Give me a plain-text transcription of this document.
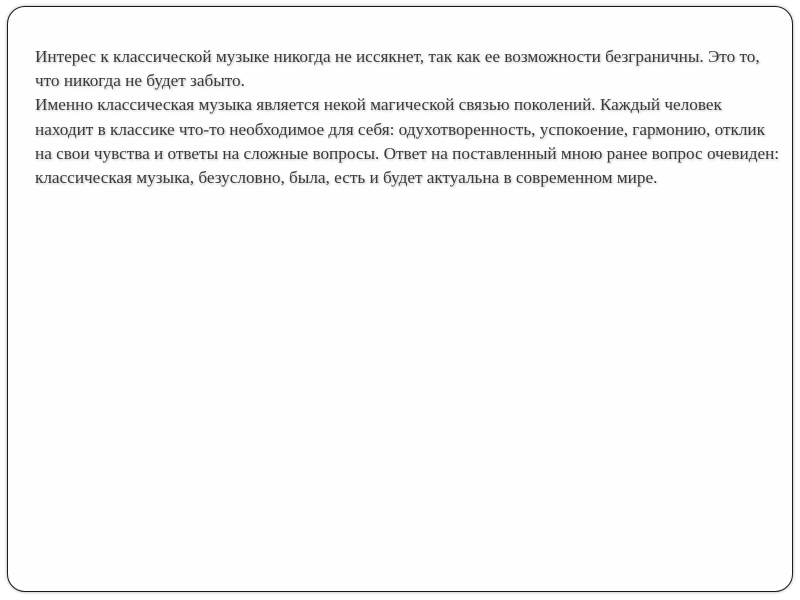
Интерес к классической музыке никогда не иссякнет, так как ее возможности безграничны. Это то, что никогда не будет забыто.

Именно классическая музыка является некой магической связью поколений. Каждый человек находит в классике что-то необходимое для себя: одухотворенность, успокоение, гармонию, отклик на свои чувства и ответы на сложные вопросы. Ответ на поставленный мною ранее вопрос очевиден: классическая музыка, безусловно, была, есть и будет актуальна в современном мире.
